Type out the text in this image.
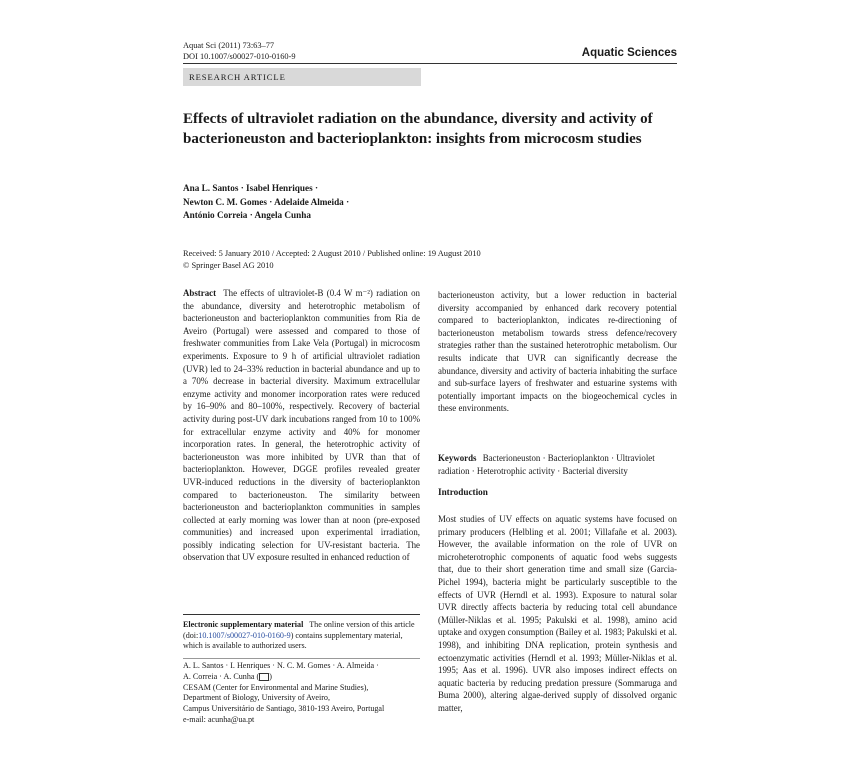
Aquat Sci (2011) 73:63–77
DOI 10.1007/s00027-010-0160-9	Aquatic Sciences
RESEARCH ARTICLE
Effects of ultraviolet radiation on the abundance, diversity and activity of bacterioneuston and bacterioplankton: insights from microcosm studies
Ana L. Santos · Isabel Henriques ·
Newton C. M. Gomes · Adelaide Almeida ·
António Correia · Angela Cunha
Received: 5 January 2010 / Accepted: 2 August 2010 / Published online: 19 August 2010
© Springer Basel AG 2010
Abstract The effects of ultraviolet-B (0.4 W m⁻²) radiation on the abundance, diversity and heterotrophic metabolism of bacterioneuston and bacterioplankton communities from Ria de Aveiro (Portugal) were assessed and compared to those of freshwater communities from Lake Vela (Portugal) in microcosm experiments. Exposure to 9 h of artificial ultraviolet radiation (UVR) led to 24–33% reduction in bacterial abundance and up to a 70% decrease in bacterial diversity. Maximum extracellular enzyme activity and monomer incorporation rates were reduced by 16–90% and 80–100%, respectively. Recovery of bacterial activity during post-UV dark incubations ranged from 10 to 100% for extracellular enzyme activity and 40% for monomer incorporation rates. In general, the heterotrophic activity of bacterioneuston was more inhibited by UVR than that of bacterioplankton. However, DGGE profiles revealed greater UVR-induced reductions in the diversity of bacterioplankton compared to bacterioneuston. The similarity between bacterioneuston and bacterioplankton communities in samples collected at early morning was lower than at noon (pre-exposed communities) and increased upon experimental irradiation, possibly indicating selection for UV-resistant bacteria. The observation that UV exposure resulted in enhanced reduction of
bacterioneuston activity, but a lower reduction in bacterial diversity accompanied by enhanced dark recovery potential compared to bacterioplankton, indicates re-directioning of bacterioneuston metabolism towards stress defence/recovery strategies rather than the sustained heterotrophic metabolism. Our results indicate that UVR can significantly decrease the abundance, diversity and activity of bacteria inhabiting the surface and sub-surface layers of freshwater and estuarine systems with potentially important impacts on the biogeochemical cycles in these environments.
Keywords Bacterioneuston · Bacterioplankton · Ultraviolet radiation · Heterotrophic activity · Bacterial diversity
Introduction
Most studies of UV effects on aquatic systems have focused on primary producers (Helbling et al. 2001; Villafañe et al. 2003). However, the available information on the role of UVR on microheterotrophic components of aquatic food webs suggests that, due to their short generation time and small size (Garcia-Pichel 1994), bacteria might be particularly susceptible to the effects of UVR (Herndl et al. 1993). Exposure to natural solar UVR directly affects bacteria by reducing total cell abundance (Müller-Niklas et al. 1995; Pakulski et al. 1998), amino acid uptake and oxygen consumption (Bailey et al. 1983; Pakulski et al. 1998), and inhibiting DNA replication, protein synthesis and ectoenzymatic activities (Herndl et al. 1993; Müller-Niklas et al. 1995; Aas et al. 1996). UVR also imposes indirect effects on aquatic bacteria by reducing predation pressure (Sommaruga and Buma 2000), altering algae-derived supply of dissolved organic matter,
Electronic supplementary material The online version of this article (doi:10.1007/s00027-010-0160-9) contains supplementary material, which is available to authorized users.
A. L. Santos · I. Henriques · N. C. M. Gomes · A. Almeida ·
A. Correia · A. Cunha ( )
CESAM (Center for Environmental and Marine Studies),
Department of Biology, University of Aveiro,
Campus Universitário de Santiago, 3810-193 Aveiro, Portugal
e-mail: acunha@ua.pt
